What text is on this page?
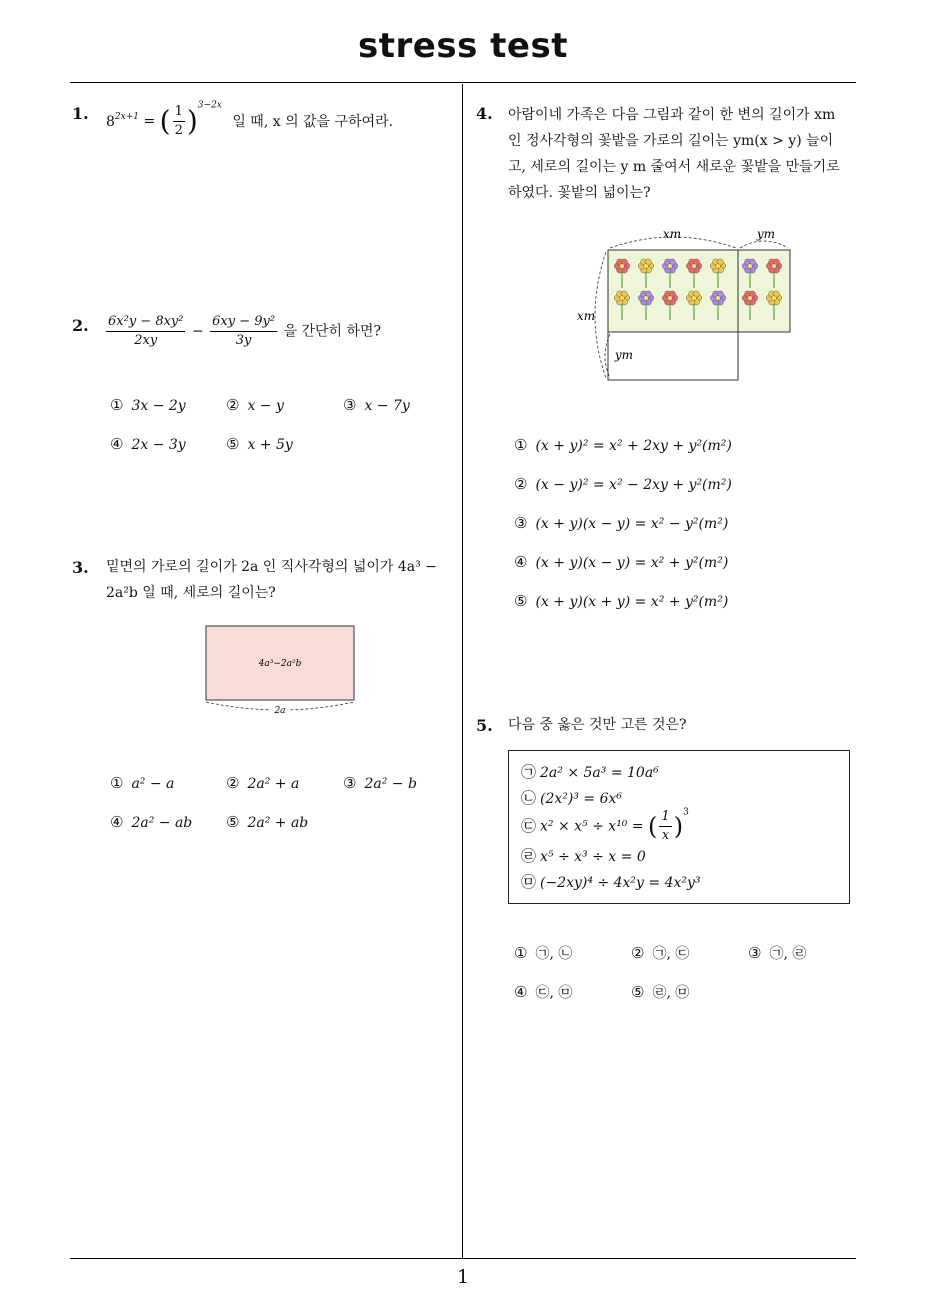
stress test
1
1. $8^{2x+1}$ = ( $\frac{1}{2} )^{3-2x}$ 일 때, x 의 값을 구하여라.
2. $\frac{\text{6x²y − 8xy²}}{2xy} - \frac{\text{6xy − 9y²}}{3y}$ 을 간단히 하면?
① 3x − 2y	② x − y	③ x − 7y
④ 2x − 3y	⑤ x + 5y
3. 밑면의 가로의 길이가 2a 인 직사각형의 넓이가 4a³ −
2a²b 일 때, 세로의 길이는?
4a³−2a²b
2a
① a² − a	② 2a² + a	③ 2a² − b
④ 2a² − ab ⑤ 2a² + ab
4. 아람이네 가족은 다음 그림과 같이 한 변의 길이가 xm
인 정사각형의 꽃밭을 가로의 길이는 ym(x > y) 늘이
고, 세로의 길이는 y m 줄여서 새로운 꽃밭을 만들기로
하였다. 꽃밭의 넓이는?
xm	ym
xm
ym
① (x + y)² = x² + 2xy + y²(m²)
② (x − y)² = x² − 2xy + y²(m²)
③ (x + y)(x − y) = x² − y²(m²)
④ (x + y)(x − y) = x² + y²(m²)
⑤ (x + y)(x + y) = x² + y²(m²)
5. 다음 중 옳은 것만 고른 것은?
㉠ 2a² × 5a³ = 10a⁶
㉡ (2x²)³ = 6x⁶
㉢ x² × x⁵ ÷ x¹⁰ = ( $\frac{1}{x} )^3$
㉣ x⁵ ÷ x³ ÷ x = 0
㉤ (−2xy)⁴ ÷ 4x²y = 4x²y³
① ㉠, ㉡	② ㉠, ㉢	③ ㉠, ㉣
④ ㉢, ㉤	⑤ ㉣, ㉤
